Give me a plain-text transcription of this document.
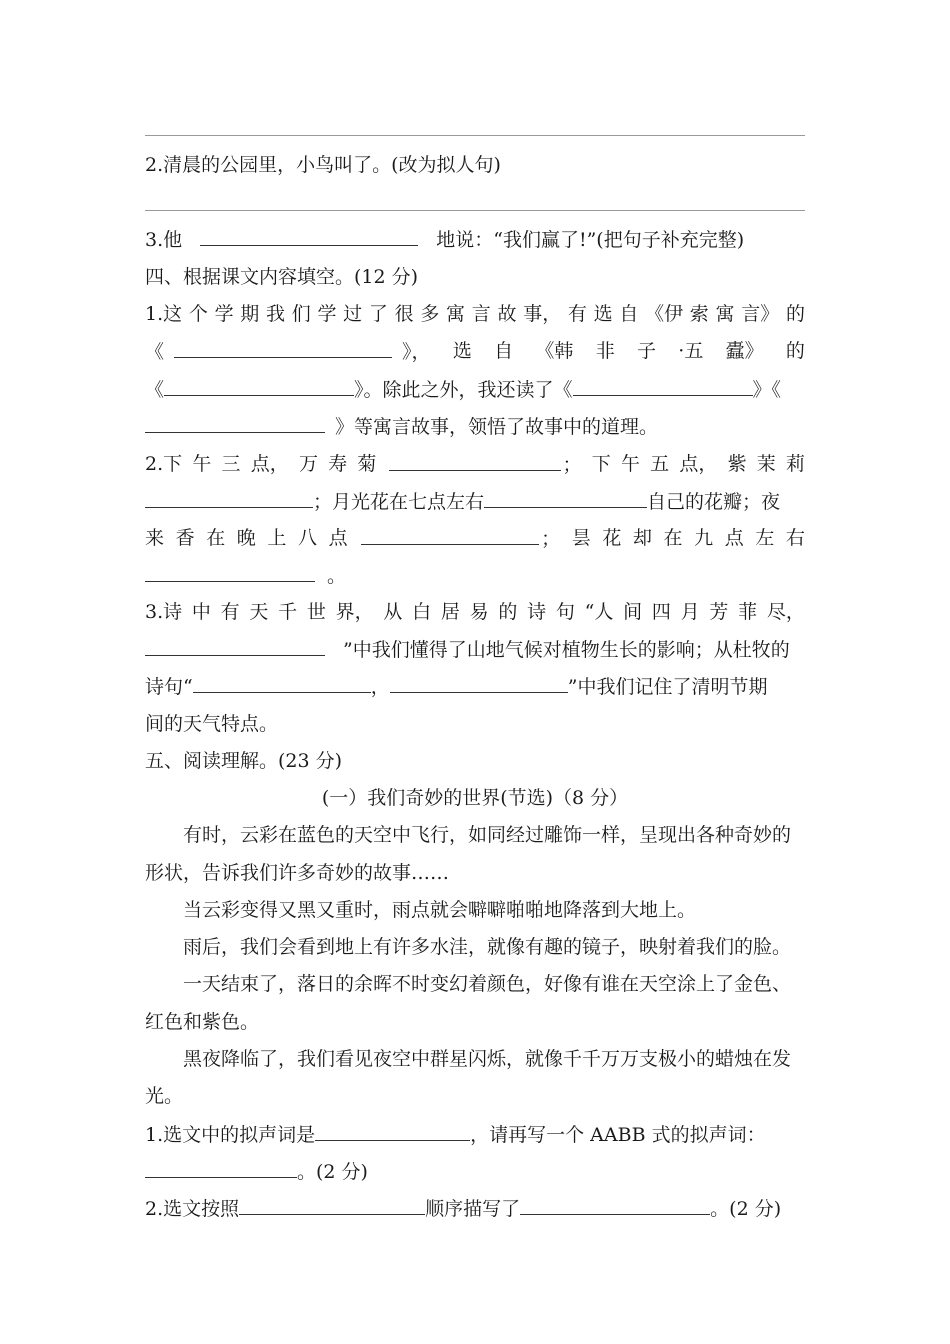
2.清晨的公园里，小鸟叫了。(改为拟人句)
3.他	地说：“我们赢了!”(把句子补充完整)
四、根据课文内容填空。(12 分)
1.这 个 学 期 我 们 学 过 了 很 多 寓 言 故 事， 有 选 自 《伊 索 寓 言》 的
《	》， 选 自 《韩 非 子 ·五 蠹》 的
《	》。除此之外，我还读了《	》《
》等寓言故事，领悟了故事中的道理。
2.下 午 三 点， 万 寿 菊	； 下 午 五 点， 紫 茉 莉
；月光花在七点左右	自己的花瓣；夜
来 香 在 晚 上 八 点	； 昙 花 却 在 九 点 左 右
。
3.诗 中 有 天 千 世 界， 从 白 居 易 的 诗 句 “人 间 四 月 芳 菲 尽，
”中我们懂得了山地气候对植物生长的影响；从杜牧的
诗句“	，	”中我们记住了清明节期
间的天气特点。
五、阅读理解。(23 分)
(一）我们奇妙的世界(节选)（8 分）
有时，云彩在蓝色的天空中飞行，如同经过雕饰一样，呈现出各种奇妙的
形状，告诉我们许多奇妙的故事……
当云彩变得又黑又重时，雨点就会噼噼啪啪地降落到大地上。
雨后，我们会看到地上有许多水洼，就像有趣的镜子，映射着我们的脸。
一天结束了，落日的余晖不时变幻着颜色，好像有谁在天空涂上了金色、
红色和紫色。
黑夜降临了，我们看见夜空中群星闪烁，就像千千万万支极小的蜡烛在发
光。
1.选文中的拟声词是	，请再写一个 AABB 式的拟声词：
。(2 分)
2.选文按照	顺序描写了	。(2 分)
